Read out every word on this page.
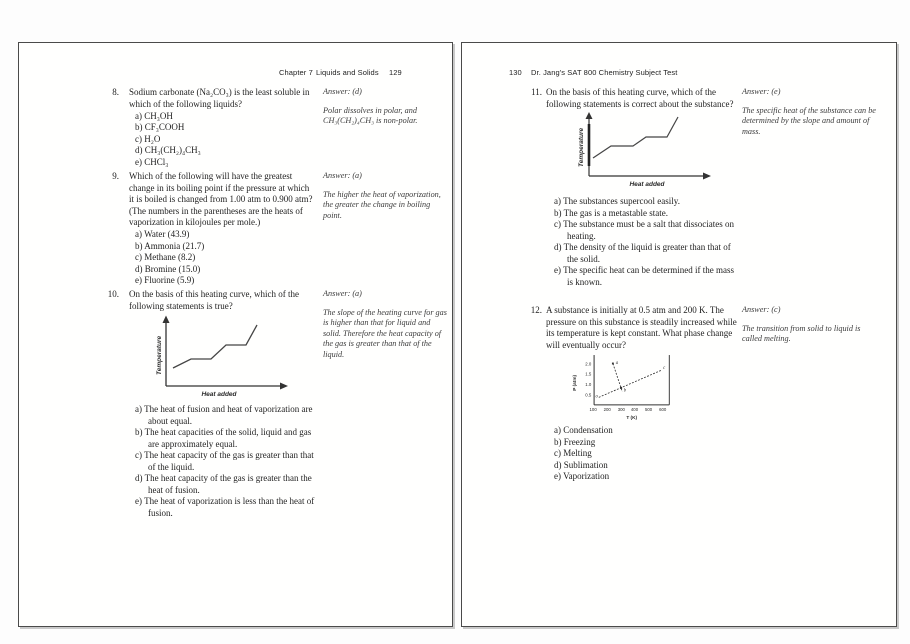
Chapter 7 Liquids and Solids 129
8.	Sodium carbonate (Na₂CO₃) is the least soluble in which of the following liquids?
a) CH₃OH
b) CF₃COOH
c) H₂O
d) CH₃(CH₂)₄CH₃
e) CHCl₃
Answer: (d)
Polar dissolves in polar, and CH₃(CH₂)₄CH₃ is non-polar.
9.	Which of the following will have the greatest change in its boiling point if the pressure at which it is boiled is changed from 1.00 atm to 0.900 atm? (The numbers in the parentheses are the heats of vaporization in kilojoules per mole.)
a) Water (43.9)
b) Ammonia (21.7)
c) Methane (8.2)
d) Bromine (15.0)
e) Fluorine (5.9)
Answer: (a)
The higher the heat of vaporization, the greater the change in boiling point.
10.	On the basis of this heating curve, which of the following statements is true?
Temperature
Heat added
a) The heat of fusion and heat of vaporization are about equal.
b) The heat capacities of the solid, liquid and gas are approximately equal.
c) The heat capacity of the gas is greater than that of the liquid.
d) The heat capacity of the gas is greater than the heat of fusion.
e) The heat of vaporization is less than the heat of fusion.
Answer: (a)
The slope of the heating curve for gas is higher than that for liquid and solid. Therefore the heat capacity of the gas is greater than that of the liquid.
130 Dr. Jang's SAT 800 Chemistry Subject Test
11. On the basis of this heating curve, which of the following statements is correct about the substance?
Temperature
Heat added
a) The substances supercool easily.
b) The gas is a metastable state.
c) The substance must be a salt that dissociates on heating.
d) The density of the liquid is greater than that of the solid.
e) The specific heat can be determined if the mass is known.
Answer: (e)
The specific heat of the substance can be determined by the slope and amount of mass.
12. A substance is initially at 0.5 atm and 200 K. The pressure on this substance is steadily increased while its temperature is kept constant. What phase change will eventually occur?
2.0
1.5
1.0
0.5
100 200 300 400 500 600
a
o
b
c
P (atm)
T (K)
a) Condensation
b) Freezing
c) Melting
d) Sublimation
e) Vaporization
Answer: (c)
The transition from solid to liquid is called melting.
